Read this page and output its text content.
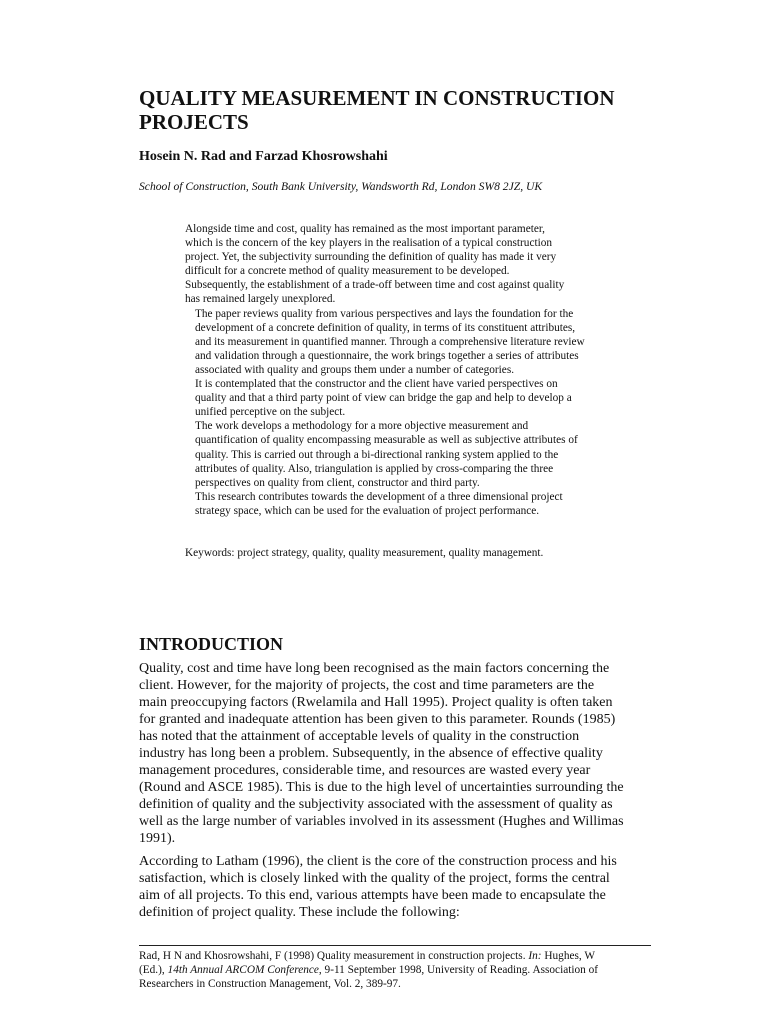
QUALITY MEASUREMENT IN CONSTRUCTION PROJECTS

Hosein N. Rad and Farzad Khosrowshahi

School of Construction, South Bank University, Wandsworth Rd, London SW8 2JZ, UK

Alongside time and cost, quality has remained as the most important parameter,
which is the concern of the key players in the realisation of a typical construction
project. Yet, the subjectivity surrounding the definition of quality has made it very
difficult for a concrete method of quality measurement to be developed.
Subsequently, the establishment of a trade-off between time and cost against quality
has remained largely unexplored.

The paper reviews quality from various perspectives and lays the foundation for the
development of a concrete definition of quality, in terms of its constituent attributes,
and its measurement in quantified manner. Through a comprehensive literature review
and validation through a questionnaire, the work brings together a series of attributes
associated with quality and groups them under a number of categories.

It is contemplated that the constructor and the client have varied perspectives on
quality and that a third party point of view can bridge the gap and help to develop a
unified perceptive on the subject.

The work develops a methodology for a more objective measurement and
quantification of quality encompassing measurable as well as subjective attributes of
quality. This is carried out through a bi-directional ranking system applied to the
attributes of quality. Also, triangulation is applied by cross-comparing the three
perspectives on quality from client, constructor and third party.

This research contributes towards the development of a three dimensional project
strategy space, which can be used for the evaluation of project performance.

Keywords: project strategy, quality, quality measurement, quality management.

INTRODUCTION
Quality, cost and time have long been recognised as the main factors concerning the
client. However, for the majority of projects, the cost and time parameters are the
main preoccupying factors (Rwelamila and Hall 1995). Project quality is often taken
for granted and inadequate attention has been given to this parameter. Rounds (1985)
has noted that the attainment of acceptable levels of quality in the construction
industry has long been a problem. Subsequently, in the absence of effective quality
management procedures, considerable time, and resources are wasted every year
(Round and ASCE 1985). This is due to the high level of uncertainties surrounding the
definition of quality and the subjectivity associated with the assessment of quality as
well as the large number of variables involved in its assessment (Hughes and Willimas
1991).
According to Latham (1996), the client is the core of the construction process and his
satisfaction, which is closely linked with the quality of the project, forms the central
aim of all projects. To this end, various attempts have been made to encapsulate the
definition of project quality. These include the following:
Rad, H N and Khosrowshahi, F (1998) Quality measurement in construction projects. In: Hughes, W
(Ed.), 14th Annual ARCOM Conference, 9-11 September 1998, University of Reading. Association of
Researchers in Construction Management, Vol. 2, 389-97.
